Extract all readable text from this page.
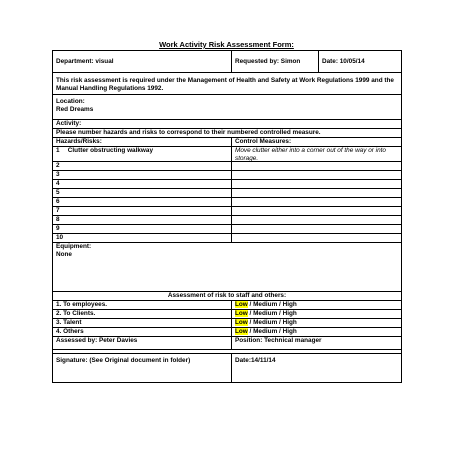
Work Activity Risk Assessment Form:
Department: visual	Requested by: Simon	Date: 10/05/14
This risk assessment is required under the Management of Health and Safety at Work Regulations 1999 and the Manual Handling Regulations 1992.
Location:
Red Dreams
Activity:
Please number hazards and risks to correspond to their numbered controlled measure.
Hazards/Risks:	Control Measures:
1 Clutter obstructing walkway	Move clutter either into a corner out of the way or into storage.
2
3
4
5
6
7
8
9
10
Equipment:
None
Assessment of risk to staff and others:
1. To employees.	Low / Medium / High
2. To Clients.	Low / Medium / High
3. Talent	Low / Medium / High
4. Others	Low / Medium / High
Assessed by: Peter Davies	Position: Technical manager
Signature: (See Original document in folder)	Date:14/11/14
